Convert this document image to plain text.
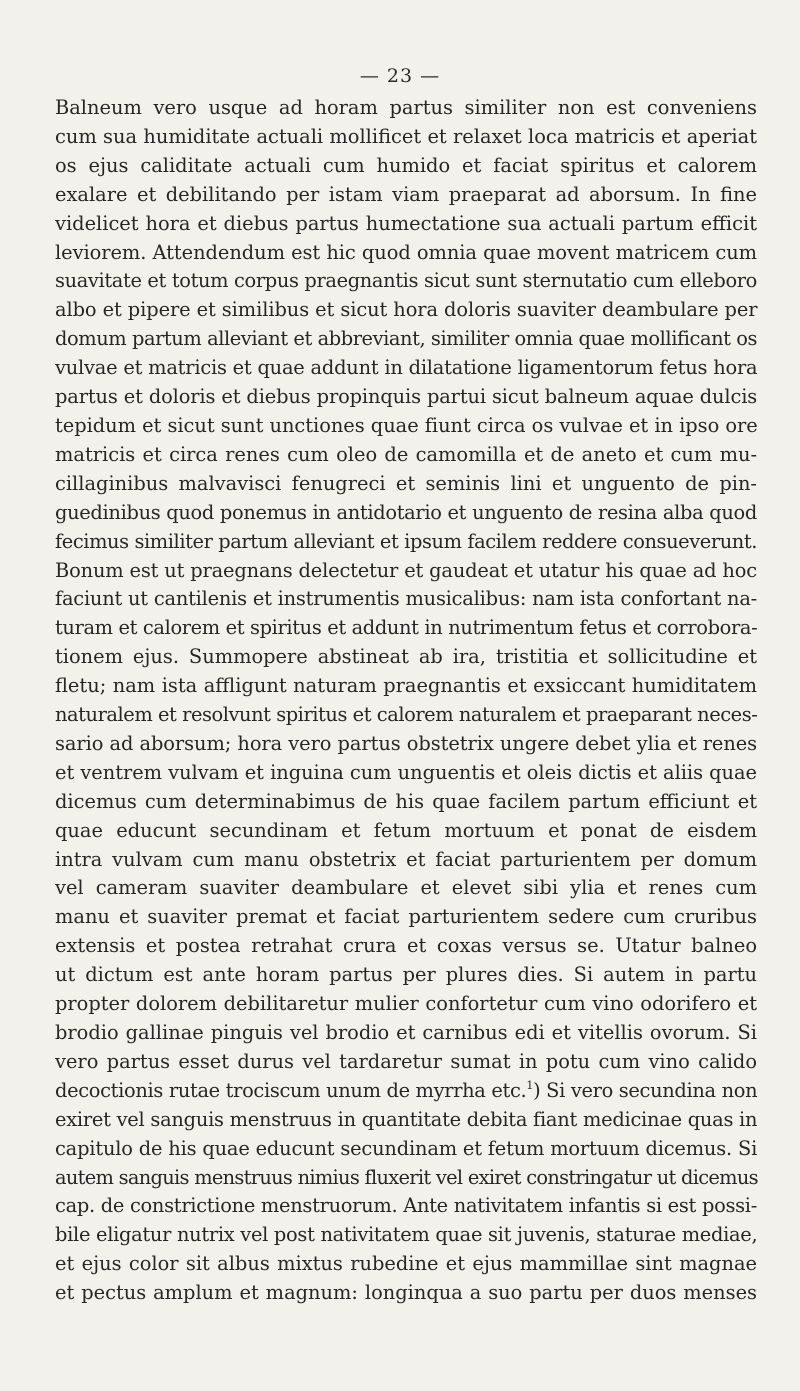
— 23 —
Balneum vero usque ad horam partus similiter non est conveniens
cum sua humiditate actuali mollificet et relaxet loca matricis et aperiat
os ejus caliditate actuali cum humido et faciat spiritus et calorem
exalare et debilitando per istam viam praeparat ad aborsum. In fine
videlicet hora et diebus partus humectatione sua actuali partum efficit
leviorem. Attendendum est hic quod omnia quae movent matricem cum
suavitate et totum corpus praegnantis sicut sunt sternutatio cum elleboro
albo et pipere et similibus et sicut hora doloris suaviter deambulare per
domum partum alleviant et abbreviant, similiter omnia quae mollificant os
vulvae et matricis et quae addunt in dilatatione ligamentorum fetus hora
partus et doloris et diebus propinquis partui sicut balneum aquae dulcis
tepidum et sicut sunt unctiones quae fiunt circa os vulvae et in ipso ore
matricis et circa renes cum oleo de camomilla et de aneto et cum mu-
cillaginibus malvavisci fenugreci et seminis lini et unguento de pin-
guedinibus quod ponemus in antidotario et unguento de resina alba quod
fecimus similiter partum alleviant et ipsum facilem reddere consueverunt.
Bonum est ut praegnans delectetur et gaudeat et utatur his quae ad hoc
faciunt ut cantilenis et instrumentis musicalibus: nam ista confortant na-
turam et calorem et spiritus et addunt in nutrimentum fetus et corrobora-
tionem ejus. Summopere abstineat ab ira, tristitia et sollicitudine et
fletu; nam ista affligunt naturam praegnantis et exsiccant humiditatem
naturalem et resolvunt spiritus et calorem naturalem et praeparant neces-
sario ad aborsum; hora vero partus obstetrix ungere debet ylia et renes
et ventrem vulvam et inguina cum unguentis et oleis dictis et aliis quae
dicemus cum determinabimus de his quae facilem partum efficiunt et
quae educunt secundinam et fetum mortuum et ponat de eisdem
intra vulvam cum manu obstetrix et faciat parturientem per domum
vel cameram suaviter deambulare et elevet sibi ylia et renes cum
manu et suaviter premat et faciat parturientem sedere cum cruribus
extensis et postea retrahat crura et coxas versus se. Utatur balneo
ut dictum est ante horam partus per plures dies. Si autem in partu
propter dolorem debilitaretur mulier confortetur cum vino odorifero et
brodio gallinae pinguis vel brodio et carnibus edi et vitellis ovorum. Si
vero partus esset durus vel tardaretur sumat in potu cum vino calido
decoctionis rutae trociscum unum de myrrha etc.$^1$) Si vero secundina non
exiret vel sanguis menstruus in quantitate debita fiant medicinae quas in
capitulo de his quae educunt secundinam et fetum mortuum dicemus. Si
autem sanguis menstruus nimius fluxerit vel exiret constringatur ut dicemus
cap. de constrictione menstruorum. Ante nativitatem infantis si est possi-
bile eligatur nutrix vel post nativitatem quae sit juvenis, staturae mediae,
et ejus color sit albus mixtus rubedine et ejus mammillae sint magnae
et pectus amplum et magnum: longinqua a suo partu per duos menses
